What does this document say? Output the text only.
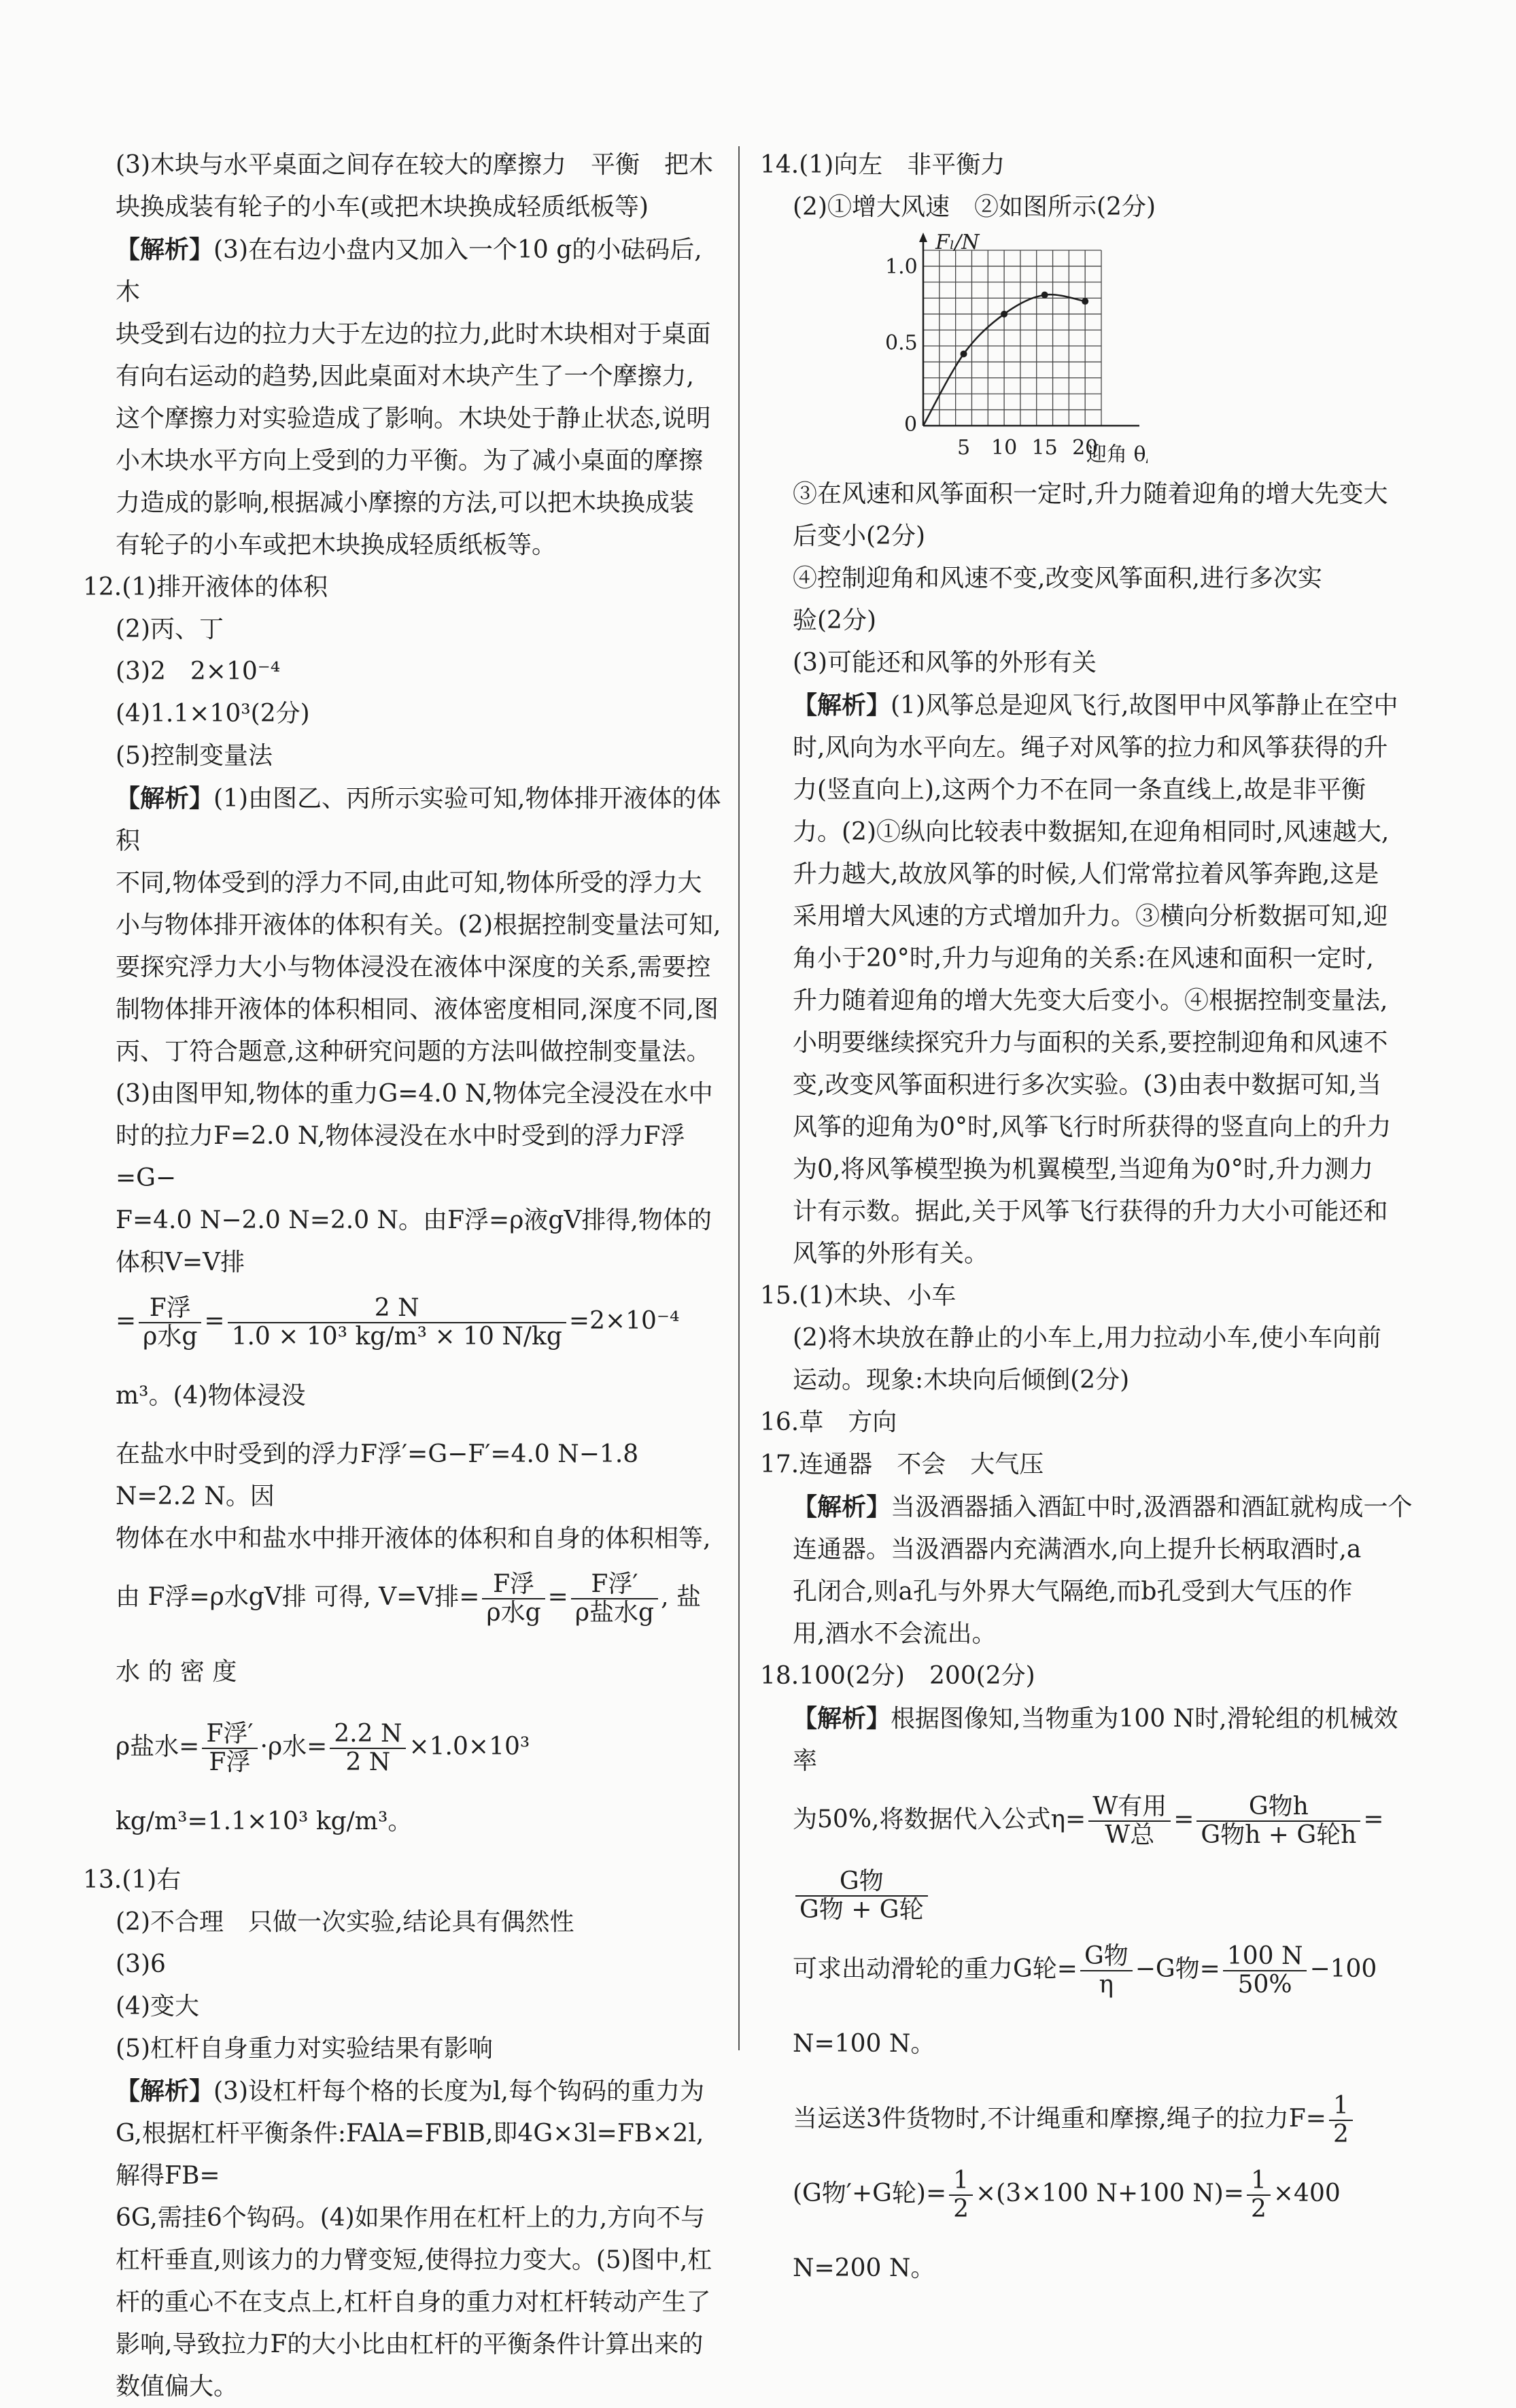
(3)木块与水平桌面之间存在较大的摩擦力　平衡　把木

块换成装有轮子的小车(或把木块换成轻质纸板等)

【解析】(3)在右边小盘内又加入一个10 g的小砝码后,木

块受到右边的拉力大于左边的拉力,此时木块相对于桌面

有向右运动的趋势,因此桌面对木块产生了一个摩擦力,

这个摩擦力对实验造成了影响。木块处于静止状态,说明

小木块水平方向上受到的力平衡。为了减小桌面的摩擦

力造成的影响,根据减小摩擦的方法,可以把木块换成装

有轮子的小车或把木块换成轻质纸板等。

12.(1)排开液体的体积

(2)丙、丁

(3)2　2×10⁻⁴

(4)1.1×10³(2分)

(5)控制变量法

【解析】(1)由图乙、丙所示实验可知,物体排开液体的体积

不同,物体受到的浮力不同,由此可知,物体所受的浮力大

小与物体排开液体的体积有关。(2)根据控制变量法可知,

要探究浮力大小与物体浸没在液体中深度的关系,需要控

制物体排开液体的体积相同、液体密度相同,深度不同,图

丙、丁符合题意,这种研究问题的方法叫做控制变量法。

(3)由图甲知,物体的重力G=4.0 N,物体完全浸没在水中

时的拉力F=2.0 N,物体浸没在水中时受到的浮力F浮=G−

F=4.0 N−2.0 N=2.0 N。由F浮=ρ液gV排得,物体的体积V=V排

= $\frac{\text{F浮}}{\text{ρ水g}} = \frac{2 N}{\text{1.0 × 10³ kg/m³ × 10 N/kg}} =2\times 10^{-4}$ m³。(4)物体浸没

在盐水中时受到的浮力F浮′=G−F′=4.0 N−1.8 N=2.2 N。因

物体在水中和盐水中排开液体的体积和自身的体积相等,

由 F浮=ρ水gV排 可得, V=V排= $\frac{\text{F浮}}{\text{ρ水g}} = \frac{\text{F浮′}}{\text{ρ盐水g}}$ , 盐 水 的 密 度

ρ盐水= $\frac{\text{F浮′}}{\text{F浮}} \cdot\rho$水= $\frac{2.2 N}{2 N} \times 1.0\times 10^3$ kg/m³=1.1×10³ kg/m³。

13.(1)右

(2)不合理　只做一次实验,结论具有偶然性

(3)6

(4)变大

(5)杠杆自身重力对实验结果有影响

【解析】(3)设杠杆每个格的长度为l,每个钩码的重力为

G,根据杠杆平衡条件:FAlA=FBlB,即4G×3l=FB×2l,解得FB=

6G,需挂6个钩码。(4)如果作用在杠杆上的力,方向不与

杠杆垂直,则该力的力臂变短,使得拉力变大。(5)图中,杠

杆的重心不在支点上,杠杆自身的重力对杠杆转动产生了

影响,导致拉力F的大小比由杠杆的平衡条件计算出来的

数值偏大。

14.(1)向左　非平衡力

(2)①增大风速　②如图所示(2分)

Fₗ/N
1.0
0.5
0
5 10 15 20
迎角 θ

③在风速和风筝面积一定时,升力随着迎角的增大先变大

后变小(2分)

④控制迎角和风速不变,改变风筝面积,进行多次实

验(2分)

(3)可能还和风筝的外形有关

【解析】(1)风筝总是迎风飞行,故图甲中风筝静止在空中

时,风向为水平向左。绳子对风筝的拉力和风筝获得的升

力(竖直向上),这两个力不在同一条直线上,故是非平衡

力。(2)①纵向比较表中数据知,在迎角相同时,风速越大,

升力越大,故放风筝的时候,人们常常拉着风筝奔跑,这是

采用增大风速的方式增加升力。③横向分析数据可知,迎

角小于20°时,升力与迎角的关系:在风速和面积一定时,

升力随着迎角的增大先变大后变小。④根据控制变量法,

小明要继续探究升力与面积的关系,要控制迎角和风速不

变,改变风筝面积进行多次实验。(3)由表中数据可知,当

风筝的迎角为0°时,风筝飞行时所获得的竖直向上的升力

为0,将风筝模型换为机翼模型,当迎角为0°时,升力测力

计有示数。据此,关于风筝飞行获得的升力大小可能还和

风筝的外形有关。

15.(1)木块、小车

(2)将木块放在静止的小车上,用力拉动小车,使小车向前

运动。现象:木块向后倾倒(2分)

16.草　方向

17.连通器　不会　大气压

【解析】当汲酒器插入酒缸中时,汲酒器和酒缸就构成一个

连通器。当汲酒器内充满酒水,向上提升长柄取酒时,a

孔闭合,则a孔与外界大气隔绝,而b孔受到大气压的作

用,酒水不会流出。

18.100(2分)　200(2分)

【解析】根据图像知,当物重为100 N时,滑轮组的机械效率

为50%,将数据代入公式$\eta= \frac{\text{W有用}}{\text{W总}} = \frac{\text{G物h}}{\text{G物h + G轮h}}$ =
$\frac{\text{G物}}{\text{G物 + G轮}}$

可求出动滑轮的重力G轮= $\frac{\text{G物}}{\eta} -G$物= $\frac{100 N}{50\%} -100$ N=100 N。

当运送3件货物时,不计绳重和摩擦,绳子的拉力$F= \frac{1}{2}$

(G物′+G轮)= $\frac{1}{2} \times(3\times 100$ N+100 $N)= \frac{1}{2} \times 400$ N=200 N。
